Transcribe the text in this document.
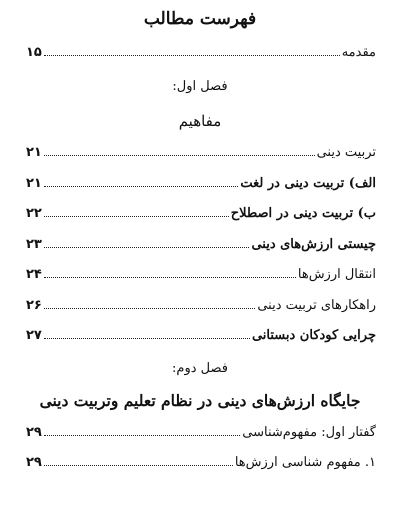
فهرست مطالب
مقدمه
۱۵
فصل اول:
مفاهیم
تربیت دینی
۲۱
الف) تربیت دینی در لغت
۲۱
ب) تربیت دینی در اصطلاح
۲۲
چیستی ارزش‌های دینی
۲۳
انتقال ارزش‌ها
۲۴
راهکارهای تربیت دینی
۲۶
چرایی کودکان دبستانی
۲۷
فصل دوم:
جایگاه ارزش‌های دینی در نظام تعلیم وتربیت دینی
گفتار اول: مفهوم‌شناسی
۲۹
۱. مفهوم شناسی ارزش‌ها
۲۹
